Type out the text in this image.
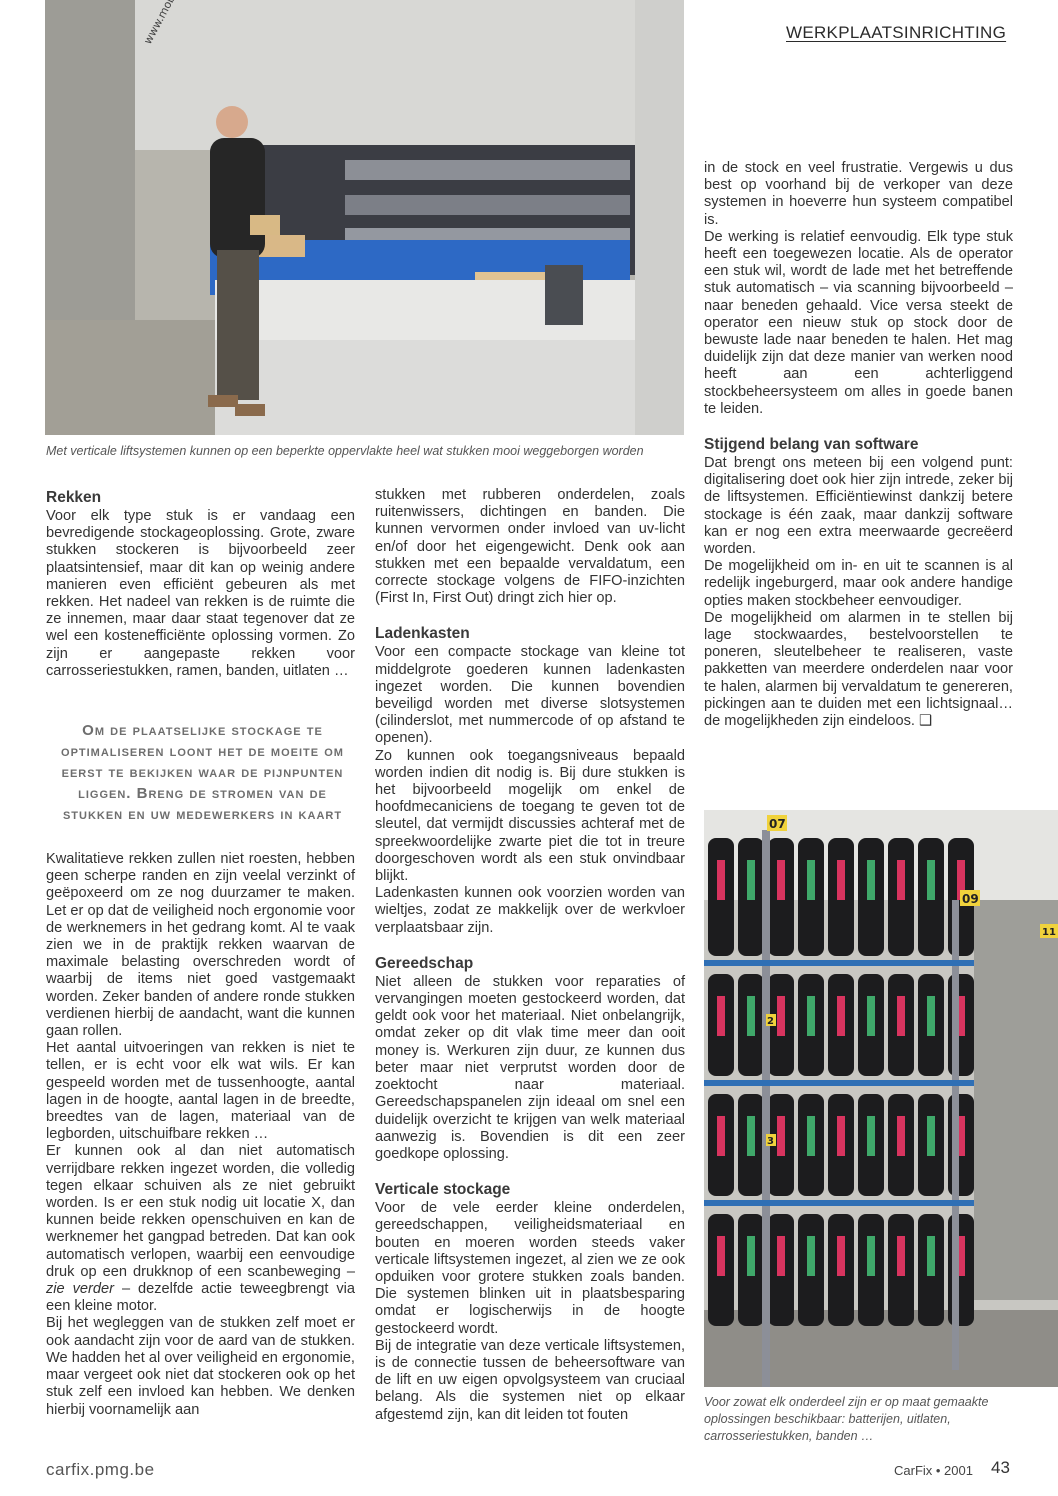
WERKPLAATSINRICHTING
Met verticale liftsystemen kunnen op een beperkte oppervlakte heel wat stukken mooi weggeborgen worden
Rekken

Voor elk type stuk is er vandaag een bevredigende stockageoplossing. Grote, zware stukken stockeren is bijvoorbeeld zeer plaatsintensief, maar dit kan op weinig andere manieren even efficiënt gebeuren als met rekken. Het nadeel van rekken is de ruimte die ze innemen, maar daar staat tegenover dat ze wel een kostenefficiënte oplossing vormen. Zo zijn er aangepaste rekken voor carrosseriestukken, ramen, banden, uitlaten …

Om de plaatselijke stockage te optimaliseren loont het de moeite om eerst te bekijken waar de pijnpunten liggen. Breng de stromen van de stukken en uw medewerkers in kaart

Kwalitatieve rekken zullen niet roesten, hebben geen scherpe randen en zijn veelal verzinkt of geëpoxeerd om ze nog duurzamer te maken. Let er op dat de veiligheid noch ergonomie voor de werknemers in het gedrang komt. Al te vaak zien we in de praktijk rekken waarvan de maximale belasting overschreden wordt of waarbij de items niet goed vastgemaakt worden. Zeker banden of andere ronde stukken verdienen hierbij de aandacht, want die kunnen gaan rollen.

Het aantal uitvoeringen van rekken is niet te tellen, er is echt voor elk wat wils. Er kan gespeeld worden met de tussenhoogte, aantal lagen in de hoogte, aantal lagen in de breedte, breedtes van de lagen, materiaal van de legborden, uitschuifbare rekken …

Er kunnen ook al dan niet automatisch verrijdbare rekken ingezet worden, die volledig tegen elkaar schuiven als ze niet gebruikt worden. Is er een stuk nodig uit locatie X, dan kunnen beide rekken openschuiven en kan de werknemer het gangpad betreden. Dat kan ook automatisch verlopen, waarbij een eenvoudige druk op een drukknop of een scanbeweging – zie verder – dezelfde actie teweegbrengt via een kleine motor.

Bij het wegleggen van de stukken zelf moet er ook aandacht zijn voor de aard van de stukken. We hadden het al over veiligheid en ergonomie, maar vergeet ook niet dat stockeren ook op het stuk zelf een invloed kan hebben. We denken hierbij voornamelijk aan

stukken met rubberen onderdelen, zoals ruitenwissers, dichtingen en banden. Die kunnen vervormen onder invloed van uv-licht en/of door het eigengewicht. Denk ook aan stukken met een bepaalde vervaldatum, een correcte stockage volgens de FIFO-inzichten (First In, First Out) dringt zich hier op.

Ladenkasten

Voor een compacte stockage van kleine tot middelgrote goederen kunnen ladenkasten ingezet worden. Die kunnen bovendien beveiligd worden met diverse slotsystemen (cilinderslot, met nummercode of op afstand te openen).

Zo kunnen ook toegangsniveaus bepaald worden indien dit nodig is. Bij dure stukken is het bijvoorbeeld mogelijk om enkel de hoofdmecaniciens de toegang te geven tot de sleutel, dat vermijdt discussies achteraf met de spreekwoordelijke zwarte piet die tot in treure doorgeschoven wordt als een stuk onvindbaar blijkt.

Ladenkasten kunnen ook voorzien worden van wieltjes, zodat ze makkelijk over de werkvloer verplaatsbaar zijn.

Gereedschap

Niet alleen de stukken voor reparaties of vervangingen moeten gestockeerd worden, dat geldt ook voor het materiaal. Niet onbelangrijk, omdat zeker op dit vlak time meer dan ooit money is. Werkuren zijn duur, ze kunnen dus beter maar niet verprutst worden door de zoektocht naar materiaal. Gereedschapspanelen zijn ideaal om snel een duidelijk overzicht te krijgen van welk materiaal aanwezig is. Bovendien is dit een zeer goedkope oplossing.

Verticale stockage

Voor de vele eerder kleine onderdelen, gereedschappen, veiligheidsmateriaal en bouten en moeren worden steeds vaker verticale liftsystemen ingezet, al zien we ze ook opduiken voor grotere stukken zoals banden. Die systemen blinken uit in plaatsbesparing omdat er logischerwijs in de hoogte gestockeerd wordt.

Bij de integratie van deze verticale liftsystemen, is de connectie tussen de beheersoftware van de lift en uw eigen opvolgsysteem van cruciaal belang. Als die systemen niet op elkaar afgestemd zijn, kan dit leiden tot fouten

in de stock en veel frustratie. Vergewis u dus best op voorhand bij de verkoper van deze systemen in hoeverre hun systeem compatibel is.

De werking is relatief eenvoudig. Elk type stuk heeft een toegewezen locatie. Als de operator een stuk wil, wordt de lade met het betreffende stuk automatisch – via scanning bijvoorbeeld – naar beneden gehaald. Vice versa steekt de operator een nieuw stuk op stock door de bewuste lade naar beneden te halen. Het mag duidelijk zijn dat deze manier van werken nood heeft aan een achterliggend stockbeheersysteem om alles in goede banen te leiden.

Stijgend belang van software

Dat brengt ons meteen bij een volgend punt: digitalisering doet ook hier zijn intrede, zeker bij de liftsystemen. Efficiëntiewinst dankzij betere stockage is één zaak, maar dankzij software kan er nog een extra meerwaarde gecreëerd worden.

De mogelijkheid om in- en uit te scannen is al redelijk ingeburgerd, maar ook andere handige opties maken stockbeheer eenvoudiger.

De mogelijkheid om alarmen in te stellen bij lage stockwaardes, bestelvoorstellen te poneren, sleutelbeheer te realiseren, vaste pakketten van meerdere onderdelen naar voor te halen, alarmen bij vervaldatum te genereren, pickingen aan te duiden met een lichtsignaal… de mogelijkheden zijn eindeloos. ❑

07
09
11
2
3
Voor zowat elk onderdeel zijn er op maat gemaakte oplossingen beschikbaar: batterijen, uitlaten, carrosseriestukken, banden …
carfix.pmg.be	CarFix • 2001 43
